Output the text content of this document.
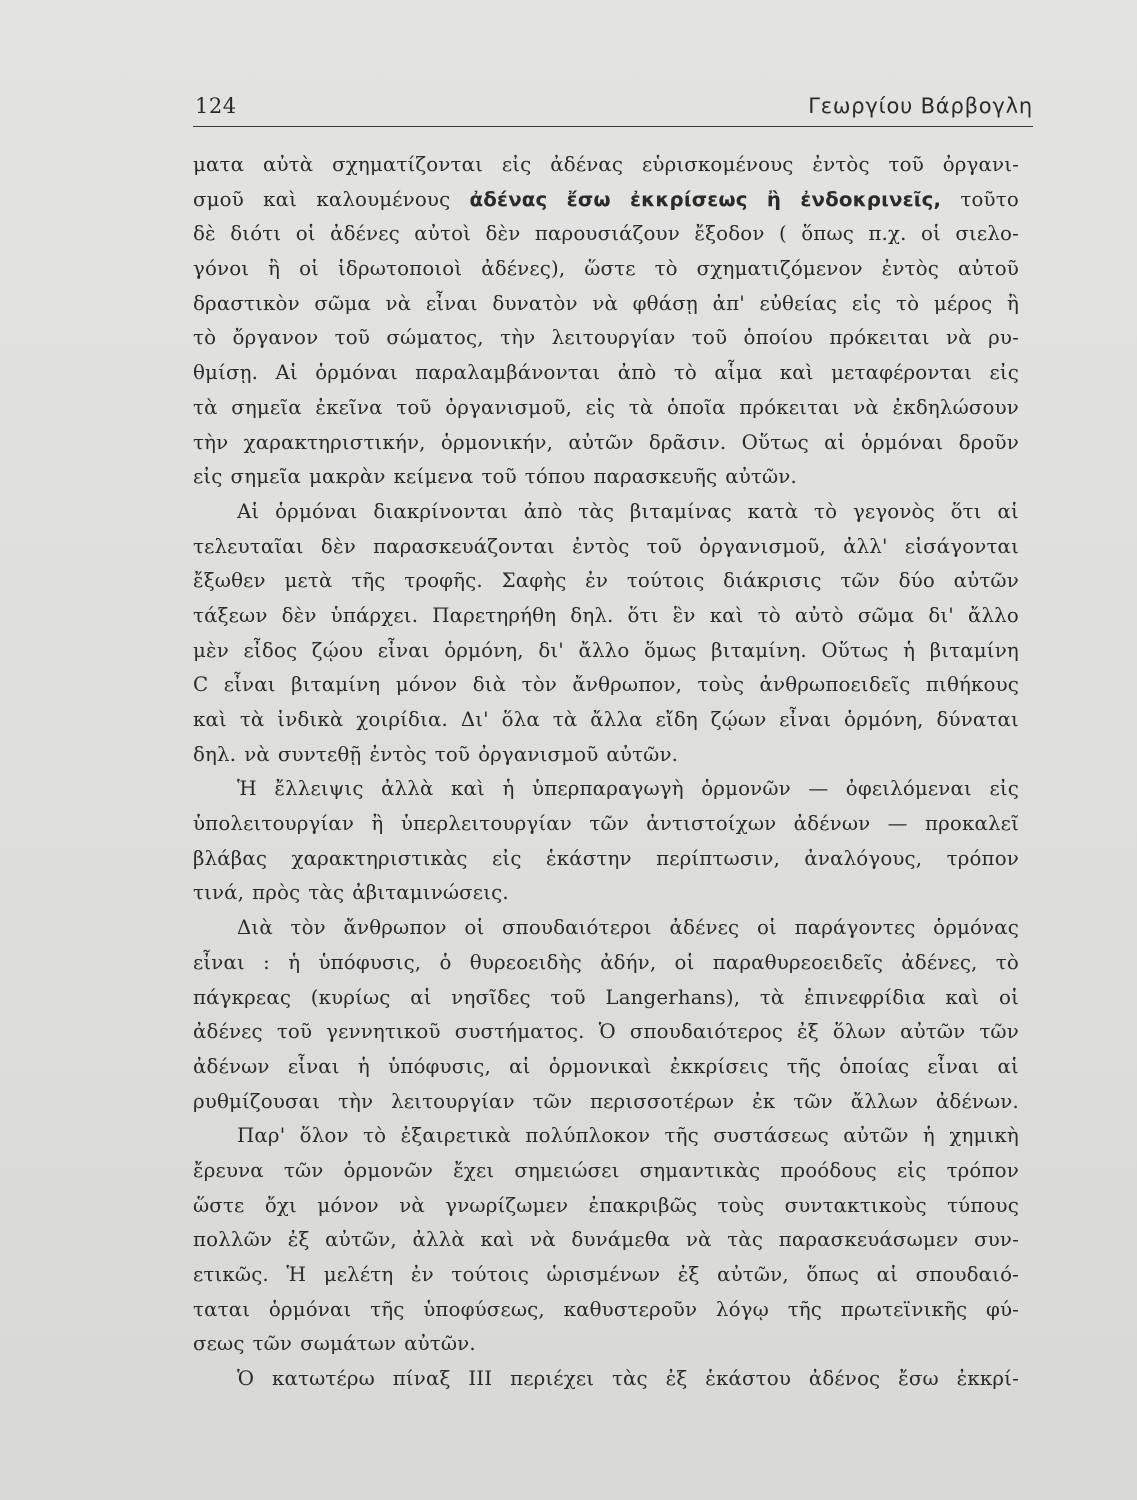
124	Γεωργίου Βάρβογλη
ματα αὐτὰ σχηματίζονται εἰς ἀδένας εὑρισκομένους ἐντὸς τοῦ ὀργανι-
σμοῦ καὶ καλουμένους ἀδένας ἔσω ἐκκρίσεως ἢ ἐνδοκρινεῖς, τοῦτο
δὲ διότι οἱ ἀδένες αὐτοὶ δὲν παρουσιάζουν ἔξοδον ( ὅπως π.χ. οἱ σιελο-
γόνοι ἢ οἱ ἱδρωτοποιοὶ ἀδένες), ὥστε τὸ σχηματιζόμενον ἐντὸς αὐτοῦ
δραστικὸν σῶμα νὰ εἶναι δυνατὸν νὰ φθάσῃ ἀπ' εὐθείας εἰς τὸ μέρος ἢ
τὸ ὄργανον τοῦ σώματος, τὴν λειτουργίαν τοῦ ὁποίου πρόκειται νὰ ρυ-
θμίσῃ. Αἱ ὁρμόναι παραλαμβάνονται ἀπὸ τὸ αἷμα καὶ μεταφέρονται εἰς
τὰ σημεῖα ἐκεῖνα τοῦ ὀργανισμοῦ, εἰς τὰ ὁποῖα πρόκειται νὰ ἐκδηλώσουν
τὴν χαρακτηριστικήν, ὁρμονικήν, αὐτῶν δρᾶσιν. Οὕτως αἱ ὁρμόναι δροῦν
εἰς σημεῖα μακρὰν κείμενα τοῦ τόπου παρασκευῆς αὐτῶν.
Αἱ ὁρμόναι διακρίνονται ἀπὸ τὰς βιταμίνας κατὰ τὸ γεγονὸς ὅτι αἱ
τελευταῖαι δὲν παρασκευάζονται ἐντὸς τοῦ ὀργανισμοῦ, ἀλλ' εἰσάγονται
ἔξωθεν μετὰ τῆς τροφῆς. Σαφὴς ἐν τούτοις διάκρισις τῶν δύο αὐτῶν
τάξεων δὲν ὑπάρχει. Παρετηρήθη δηλ. ὅτι ἓν καὶ τὸ αὐτὸ σῶμα δι' ἄλλο
μὲν εἶδος ζῴου εἶναι ὁρμόνη, δι' ἄλλο ὅμως βιταμίνη. Οὕτως ἡ βιταμίνη
C εἶναι βιταμίνη μόνον διὰ τὸν ἄνθρωπον, τοὺς ἀνθρωποειδεῖς πιθήκους
καὶ τὰ ἰνδικὰ χοιρίδια. Δι' ὅλα τὰ ἄλλα εἴδη ζῴων εἶναι ὁρμόνη, δύναται
δηλ. νὰ συντεθῇ ἐντὸς τοῦ ὀργανισμοῦ αὐτῶν.
Ἡ ἔλλειψις ἀλλὰ καὶ ἡ ὑπερπαραγωγὴ ὁρμονῶν — ὀφειλόμεναι εἰς
ὑπολειτουργίαν ἢ ὑπερλειτουργίαν τῶν ἀντιστοίχων ἀδένων — προκαλεῖ
βλάβας χαρακτηριστικὰς εἰς ἑκάστην περίπτωσιν, ἀναλόγους, τρόπον
τινά, πρὸς τὰς ἀβιταμινώσεις.
Διὰ τὸν ἄνθρωπον οἱ σπουδαιότεροι ἀδένες οἱ παράγοντες ὁρμόνας
εἶναι : ἡ ὑπόφυσις, ὁ θυρεοειδὴς ἀδήν, οἱ παραθυρεοειδεῖς ἀδένες, τὸ
πάγκρεας (κυρίως αἱ νησῖδες τοῦ Langerhans), τὰ ἐπινεφρίδια καὶ οἱ
ἀδένες τοῦ γεννητικοῦ συστήματος. Ὁ σπουδαιότερος ἐξ ὅλων αὐτῶν τῶν
ἀδένων εἶναι ἡ ὑπόφυσις, αἱ ὁρμονικαὶ ἐκκρίσεις τῆς ὁποίας εἶναι αἱ
ρυθμίζουσαι τὴν λειτουργίαν τῶν περισσοτέρων ἐκ τῶν ἄλλων ἀδένων.
Παρ' ὅλον τὸ ἐξαιρετικὰ πολύπλοκον τῆς συστάσεως αὐτῶν ἡ χημικὴ
ἔρευνα τῶν ὁρμονῶν ἔχει σημειώσει σημαντικὰς προόδους εἰς τρόπον
ὥστε ὄχι μόνον νὰ γνωρίζωμεν ἐπακριβῶς τοὺς συντακτικοὺς τύπους
πολλῶν ἐξ αὐτῶν, ἀλλὰ καὶ νὰ δυνάμεθα νὰ τὰς παρασκευάσωμεν συν-
ετικῶς. Ἡ μελέτη ἐν τούτοις ὡρισμένων ἐξ αὐτῶν, ὅπως αἱ σπουδαιό-
ταται ὁρμόναι τῆς ὑποφύσεως, καθυστεροῦν λόγῳ τῆς πρωτεϊνικῆς φύ-
σεως τῶν σωμάτων αὐτῶν.
Ὁ κατωτέρω πίναξ III περιέχει τὰς ἐξ ἑκάστου ἀδένος ἔσω ἐκκρί-
